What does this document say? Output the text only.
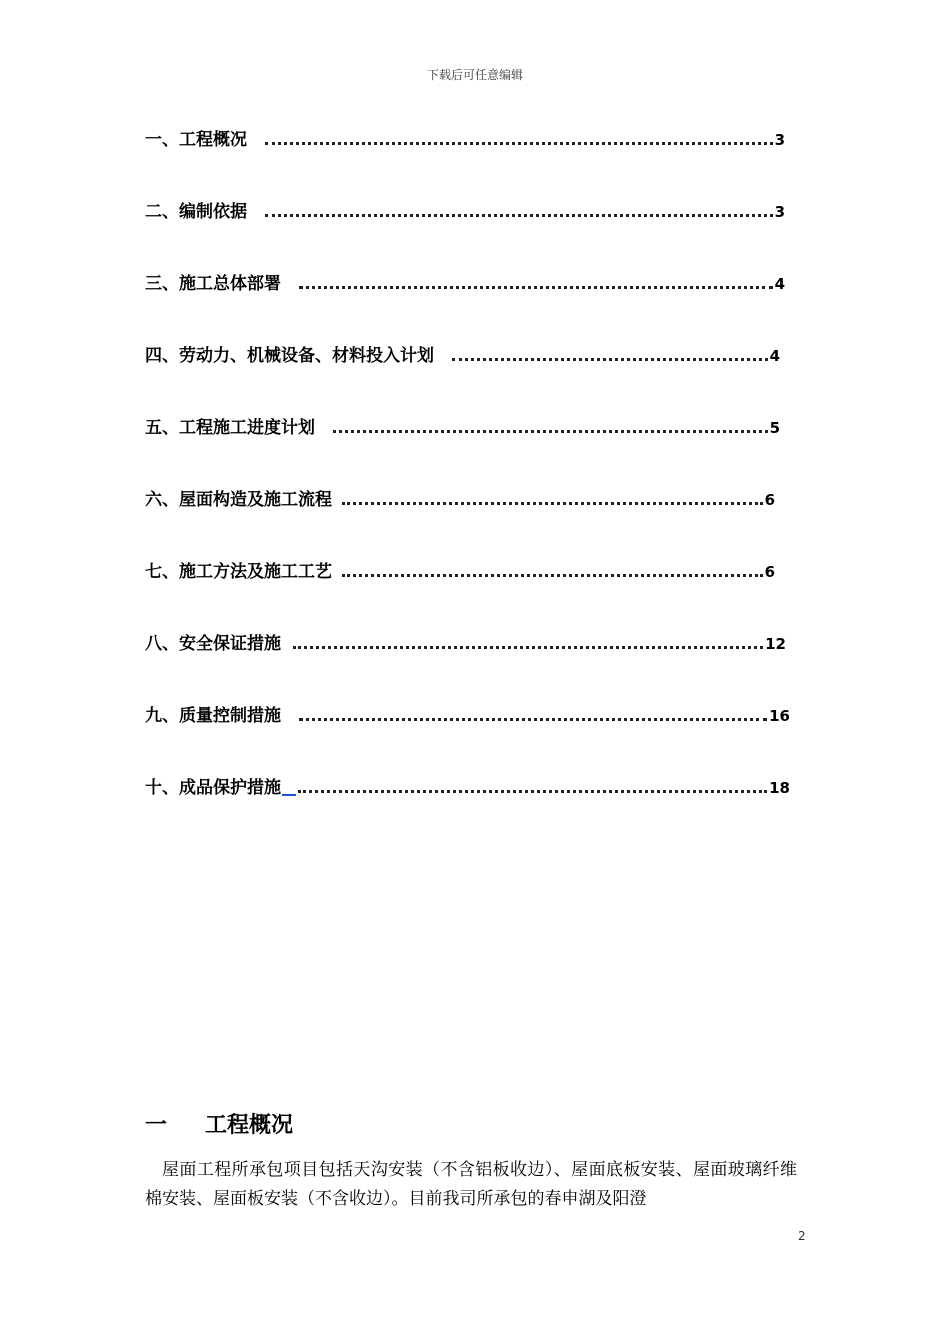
下载后可任意编辑
一、工程概况	3
二、编制依据	3
三、施工总体部署	4
四、劳动力、机械设备、材料投入计划	4
五、工程施工进度计划	5
六、屋面构造及施工流程	6
七、施工方法及施工工艺	6
八、安全保证措施	12
九、质量控制措施	16
十、成品保护措施	18
一	工程概况
屋面工程所承包项目包括天沟安装（不含铝板收边）、屋面底板安装、屋面玻璃纤维棉安装、屋面板安装（不含收边）。目前我司所承包的春申湖及阳澄
2
